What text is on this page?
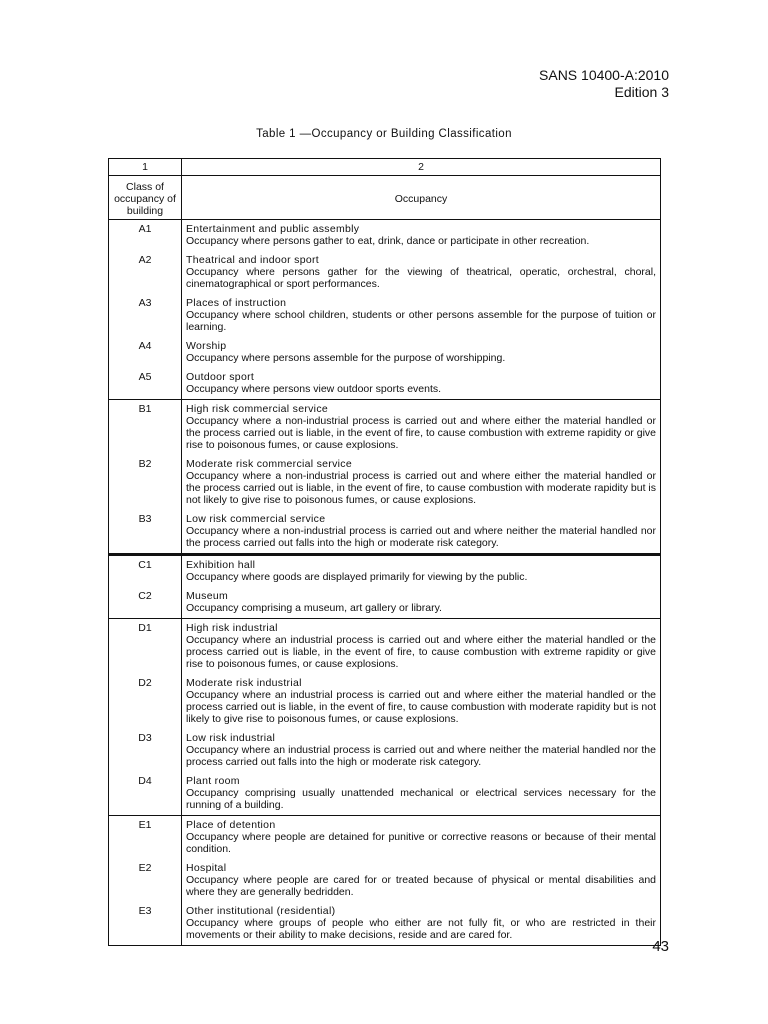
SANS 10400-A:2010
Edition 3
Table 1 —Occupancy or Building Classification
1	2
Class of occupancy of building	Occupancy
A1	Entertainment and public assembly
Occupancy where persons gather to eat, drink, dance or participate in other recreation.

A2	Theatrical and indoor sport
Occupancy where persons gather for the viewing of theatrical, operatic, orchestral, choral, cinematographical or sport performances.

A3	Places of instruction
Occupancy where school children, students or other persons assemble for the purpose of tuition or learning.

A4	Worship
Occupancy where persons assemble for the purpose of worshipping.

A5	Outdoor sport
Occupancy where persons view outdoor sports events.

B1	High risk commercial service
Occupancy where a non-industrial process is carried out and where either the material handled or the process carried out is liable, in the event of fire, to cause combustion with extreme rapidity or give rise to poisonous fumes, or cause explosions.

B2	Moderate risk commercial service
Occupancy where a non-industrial process is carried out and where either the material handled or the process carried out is liable, in the event of fire, to cause combustion with moderate rapidity but is not likely to give rise to poisonous fumes, or cause explosions.

B3	Low risk commercial service
Occupancy where a non-industrial process is carried out and where neither the material handled nor the process carried out falls into the high or moderate risk category.

C1	Exhibition hall
Occupancy where goods are displayed primarily for viewing by the public.

C2	Museum
Occupancy comprising a museum, art gallery or library.

D1	High risk industrial
Occupancy where an industrial process is carried out and where either the material handled or the process carried out is liable, in the event of fire, to cause combustion with extreme rapidity or give rise to poisonous fumes, or cause explosions.

D2	Moderate risk industrial
Occupancy where an industrial process is carried out and where either the material handled or the process carried out is liable, in the event of fire, to cause combustion with moderate rapidity but is not likely to give rise to poisonous fumes, or cause explosions.

D3	Low risk industrial
Occupancy where an industrial process is carried out and where neither the material handled nor the process carried out falls into the high or moderate risk category.

D4	Plant room
Occupancy comprising usually unattended mechanical or electrical services necessary for the running of a building.

E1	Place of detention
Occupancy where people are detained for punitive or corrective reasons or because of their mental condition.

E2	Hospital
Occupancy where people are cared for or treated because of physical or mental disabilities and where they are generally bedridden.

E3	Other institutional (residential)
Occupancy where groups of people who either are not fully fit, or who are restricted in their movements or their ability to make decisions, reside and are cared for.
43
